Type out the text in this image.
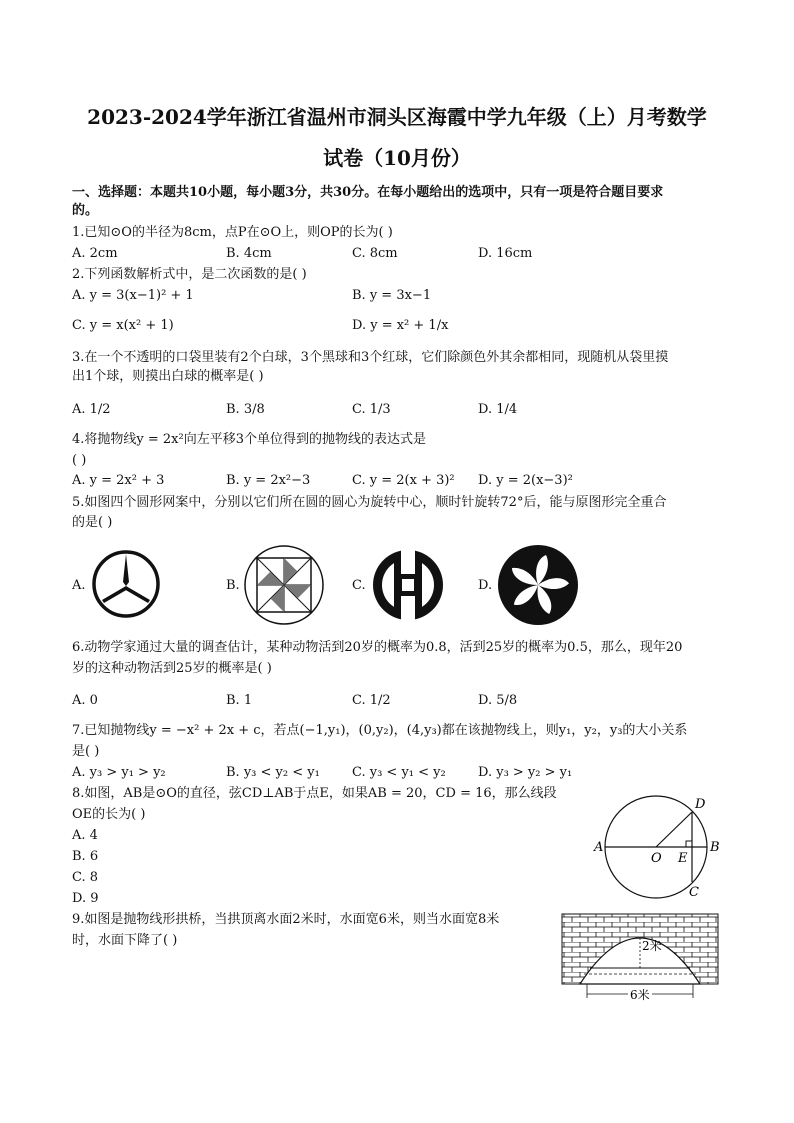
2023-2024学年浙江省温州市洞头区海霞中学九年级（上）月考数学
试卷（10月份）
一、选择题：本题共10小题，每小题3分，共30分。在每小题给出的选项中，只有一项是符合题目要求
的。
1.已知⊙O的半径为8cm，点P在⊙O上，则OP的长为( )
A. 2cm	B. 4cm	C. 8cm	D. 16cm
2.下列函数解析式中，是二次函数的是( )
A. y = 3(x−1)² + 1	B. y = 3x−1
C. y = x(x² + 1)	D. y = x² + 1/x
3.在一个不透明的口袋里装有2个白球，3个黑球和3个红球，它们除颜色外其余都相同，现随机从袋里摸
出1个球，则摸出白球的概率是( )
A. 1/2	B. 3/8	C. 1/3	D. 1/4
4.将抛物线y = 2x²向左平移3个单位得到的抛物线的表达式是
( )
A. y = 2x² + 3	B. y = 2x²−3	C. y = 2(x + 3)² D. y = 2(x−3)²
5.如图四个圆形网案中，分别以它们所在圆的圆心为旋转中心，顺时针旋转72°后，能与原图形完全重合
的是( )
A.	B.	C.	D.
6.动物学家通过大量的调查估计，某种动物活到20岁的概率为0.8，活到25岁的概率为0.5，那么，现年20
岁的这种动物活到25岁的概率是( )
A. 0	B. 1	C. 1/2	D. 5/8
7.已知抛物线y = −x² + 2x + c，若点(−1,y₁)，(0,y₂)，(4,y₃)都在该抛物线上，则y₁，y₂，y₃的大小关系
是( )
A. y₃ > y₁ > y₂	B. y₃ < y₂ < y₁ C. y₃ < y₁ < y₂ D. y₃ > y₂ > y₁
8.如图，AB是⊙O的直径，弦CD⊥AB于点E，如果AB = 20，CD = 16，那么线段
OE的长为( )
A. 4
B. 6
C. 8
D. 9
A	B
C
D
O E
9.如图是抛物线形拱桥，当拱顶离水面2米时，水面宽6米，则当水面宽8米
时，水面下降了( )	2米
6米
